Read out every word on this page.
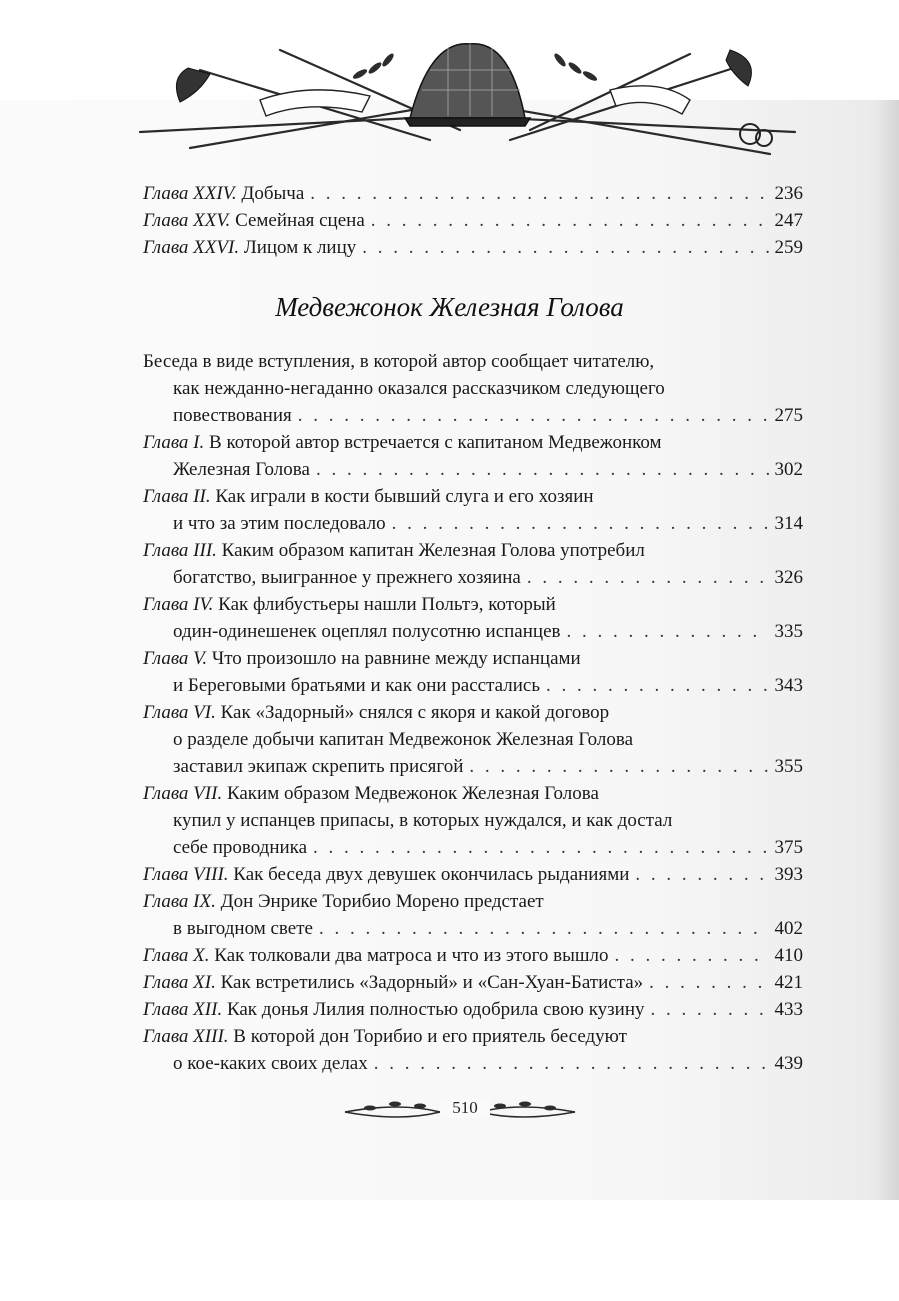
Глава XXIV. Добыча . . .	236
Глава XXV. Семейная сцена . . .	247
Глава XXVI. Лицом к лицу . . .	259
Медвежонок Железная Голова
Беседа в виде вступления, в которой автор сообщает читателю,
как нежданно-негаданно оказался рассказчиком следующего
повествования . . .	275
Глава I. В которой автор встречается с капитаном Медвежонком
Железная Голова . . .	302
Глава II. Как играли в кости бывший слуга и его хозяин
и что за этим последовало . . .	314
Глава III. Каким образом капитан Железная Голова употребил
богатство, выигранное у прежнего хозяина . . .	326
Глава IV. Как флибустьеры нашли Польтэ, который
один-одинешенек оцеплял полусотню испанцев . . .	335
Глава V. Что произошло на равнине между испанцами
и Береговыми братьями и как они расстались . . .	343
Глава VI. Как «Задорный» снялся с якоря и какой договор
о разделе добычи капитан Медвежонок Железная Голова
заставил экипаж скрепить присягой . . .	355
Глава VII. Каким образом Медвежонок Железная Голова
купил у испанцев припасы, в которых нуждался, и как достал
себе проводника . . .	375
Глава VIII. Как беседа двух девушек окончилась рыданиями . . .	393
Глава IX. Дон Энрике Торибио Морено предстает
в выгодном свете . . .	402
Глава X. Как толковали два матроса и что из этого вышло . . .	410
Глава XI. Как встретились «Задорный» и «Сан-Хуан-Батиста» . . .	421
Глава XII. Как донья Лилия полностью одобрила свою кузину . . .	433
Глава XIII. В которой дон Торибио и его приятель беседуют
о кое-каких своих делах . . .	439
510
